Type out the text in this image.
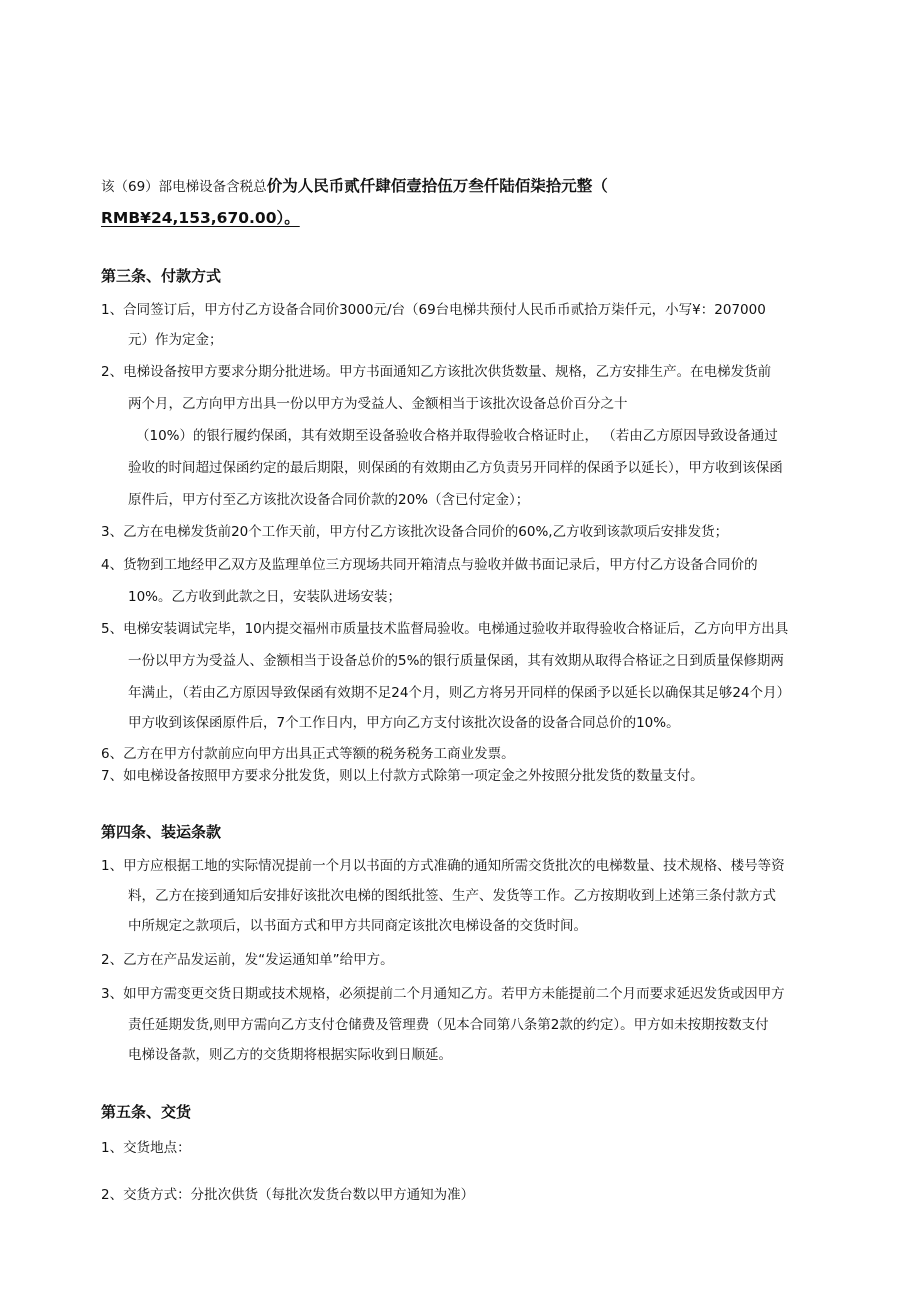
该（69）部电梯设备含税总价为人民币贰仟肆佰壹拾伍万叁仟陆佰柒拾元整（
RMB¥24,153,670.00）。
第三条、付款方式
1、合同签订后，甲方付乙方设备合同价3000元/台（69台电梯共预付人民币币贰拾万柒仟元，小写¥：207000
元）作为定金；
2、电梯设备按甲方要求分期分批进场。甲方书面通知乙方该批次供货数量、规格，乙方安排生产。在电梯发货前
两个月，乙方向甲方出具一份以甲方为受益人、金额相当于该批次设备总价百分之十
（10%）的银行履约保函，其有效期至设备验收合格并取得验收合格证时止， （若由乙方原因导致设备通过
验收的时间超过保函约定的最后期限，则保函的有效期由乙方负责另开同样的保函予以延长），甲方收到该保函
原件后，甲方付至乙方该批次设备合同价款的20%（含已付定金）；
3、乙方在电梯发货前20个工作天前，甲方付乙方该批次设备合同价的60%,乙方收到该款项后安排发货；
4、货物到工地经甲乙双方及监理单位三方现场共同开箱清点与验收并做书面记录后，甲方付乙方设备合同价的
10%。乙方收到此款之日，安装队进场安装；
5、电梯安装调试完毕，10内提交福州市质量技术监督局验收。电梯通过验收并取得验收合格证后，乙方向甲方出具
一份以甲方为受益人、金额相当于设备总价的5%的银行质量保函，其有效期从取得合格证之日到质量保修期两
年满止，（若由乙方原因导致保函有效期不足24个月，则乙方将另开同样的保函予以延长以确保其足够24个月）
甲方收到该保函原件后，7个工作日内，甲方向乙方支付该批次设备的设备合同总价的10%。
6、乙方在甲方付款前应向甲方出具正式等额的税务税务工商业发票。
7、如电梯设备按照甲方要求分批发货，则以上付款方式除第一项定金之外按照分批发货的数量支付。
第四条、装运条款
1、甲方应根据工地的实际情况提前一个月以书面的方式准确的通知所需交货批次的电梯数量、技术规格、楼号等资
料，乙方在接到通知后安排好该批次电梯的图纸批签、生产、发货等工作。乙方按期收到上述第三条付款方式
中所规定之款项后，以书面方式和甲方共同商定该批次电梯设备的交货时间。
2、乙方在产品发运前，发“发运通知单”给甲方。
3、如甲方需变更交货日期或技术规格，必须提前二个月通知乙方。若甲方未能提前二个月而要求延迟发货或因甲方
责任延期发货,则甲方需向乙方支付仓储费及管理费（见本合同第八条第2款的约定）。甲方如未按期按数支付
电梯设备款，则乙方的交货期将根据实际收到日顺延。
第五条、交货
1、交货地点：
2、交货方式：分批次供货（每批次发货台数以甲方通知为准）
